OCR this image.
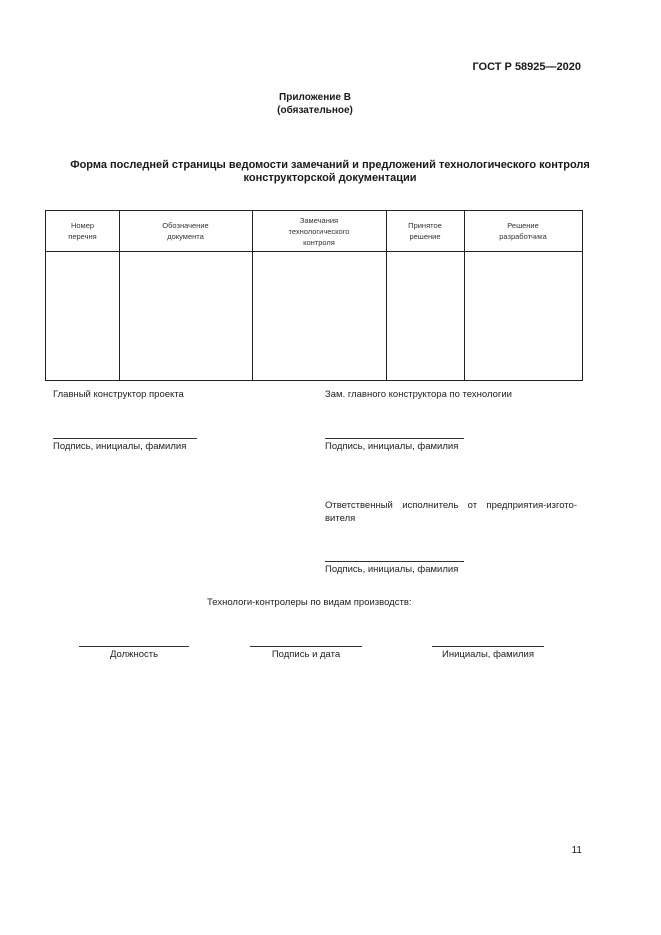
ГОСТ Р 58925—2020
Приложение В
(обязательное)
Форма последней страницы ведомости замечаний и предложений технологического контроля
конструкторской документации
Номер
перечня
Обозначение
документа
Замечания
технологического
контроля
Принятое
решение
Решение
разработчика
Главный конструктор проекта
Подпись, инициалы, фамилия
Зам. главного конструктора по технологии
Подпись, инициалы, фамилия
Ответственный исполнитель от предприятия-изгото-
вителя
Подпись, инициалы, фамилия
Технологи-контролеры по видам производств:
Должность	Подпись и дата	Инициалы, фамилия
11
